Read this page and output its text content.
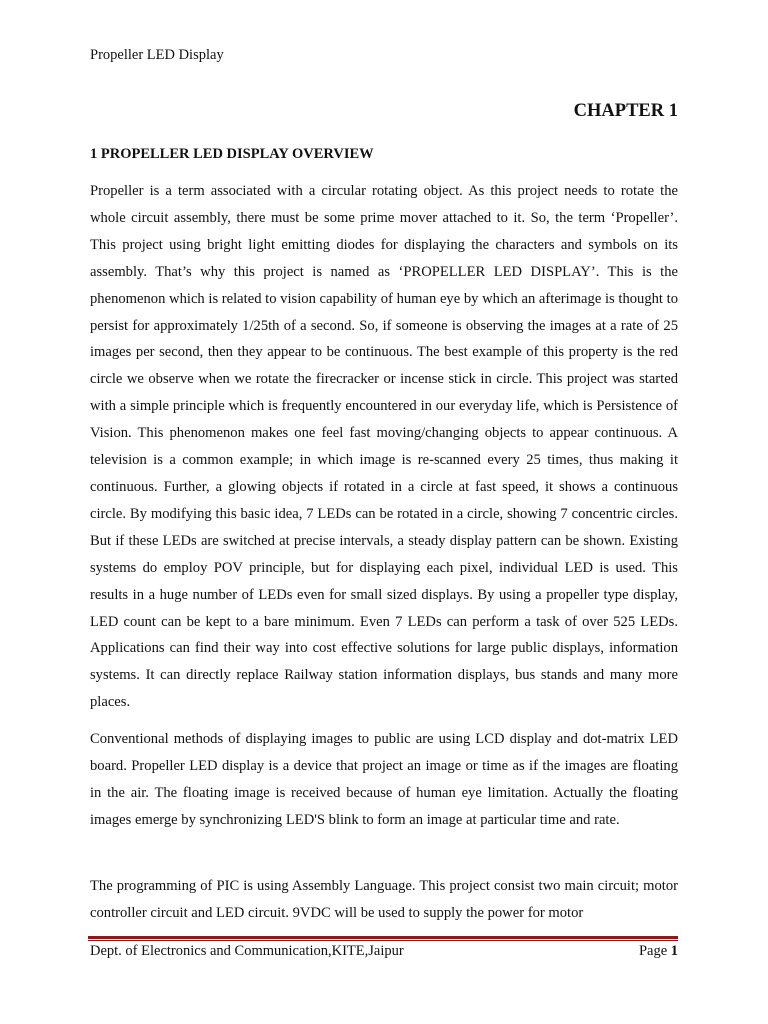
Propeller LED Display
CHAPTER 1
1 PROPELLER LED DISPLAY OVERVIEW

Propeller is a term associated with a circular rotating object. As this project needs to rotate the whole circuit assembly, there must be some prime mover attached to it. So, the term ‘Propeller’. This project using bright light emitting diodes for displaying the characters and symbols on its assembly. That’s why this project is named as ‘PROPELLER LED DISPLAY’. This is the phenomenon which is related to vision capability of human eye by which an afterimage is thought to persist for approximately 1/25th of a second. So, if someone is observing the images at a rate of 25 images per second, then they appear to be continuous. The best example of this property is the red circle we observe when we rotate the firecracker or incense stick in circle. This project was started with a simple principle which is frequently encountered in our everyday life, which is Persistence of Vision. This phenomenon makes one feel fast moving/changing objects to appear continuous. A television is a common example; in which image is re-scanned every 25 times, thus making it continuous. Further, a glowing objects if rotated in a circle at fast speed, it shows a continuous circle. By modifying this basic idea, 7 LEDs can be rotated in a circle, showing 7 concentric circles. But if these LEDs are switched at precise intervals, a steady display pattern can be shown. Existing systems do employ POV principle, but for displaying each pixel, individual LED is used. This results in a huge number of LEDs even for small sized displays. By using a propeller type display, LED count can be kept to a bare minimum. Even 7 LEDs can perform a task of over 525 LEDs. Applications can find their way into cost effective solutions for large public displays, information systems. It can directly replace Railway station information displays, bus stands and many more places.

Conventional methods of displaying images to public are using LCD display and dot-matrix LED board. Propeller LED display is a device that project an image or time as if the images are floating in the air. The floating image is received because of human eye limitation. Actually the floating images emerge by synchronizing LED'S blink to form an image at particular time and rate.

The programming of PIC is using Assembly Language. This project consist two main circuit; motor controller circuit and LED circuit. 9VDC will be used to supply the power for motor

Dept. of Electronics and Communication,KITE,Jaipur	Page 1
